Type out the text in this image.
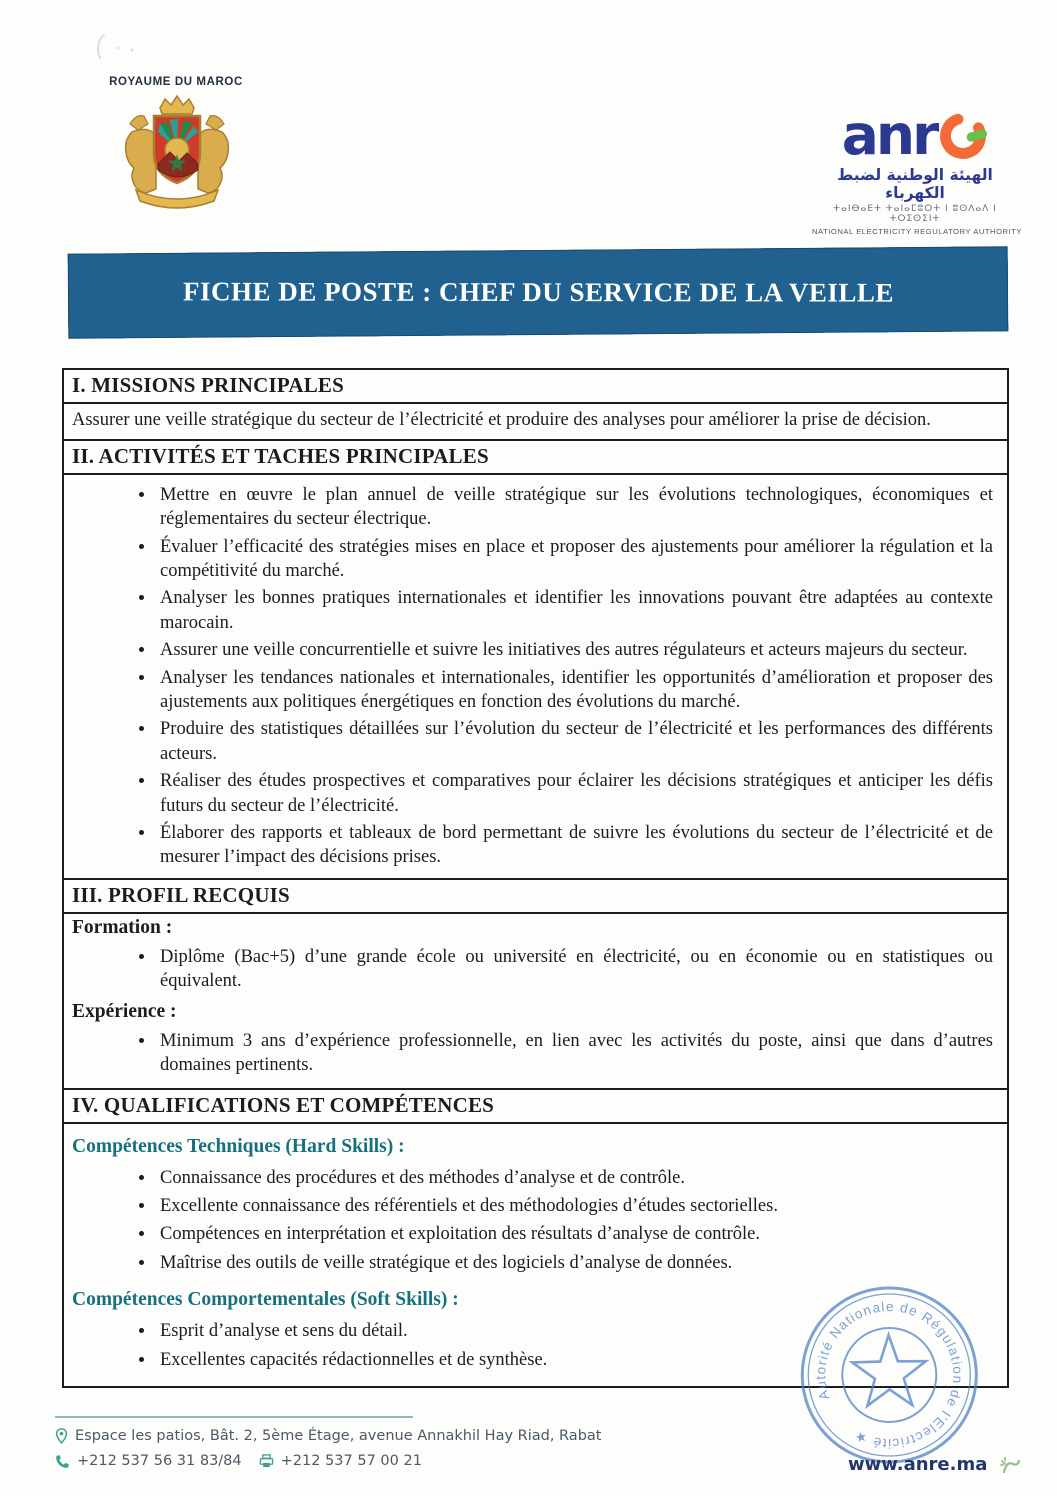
ROYAUME DU MAROC
anr
الهيئة الوطنية لضبط الكهرباء
ⵜⴰⵏⴱⴰⴹⵜ ⵜⴰⵏⴰⵎⵓⵔⵜ ⵏ ⵓⵙⴷⴰⴷ ⵏ ⵜⵔⵉⵙⵉⵏⵜ
NATIONAL ELECTRICITY REGULATORY AUTHORITY
FICHE DE POSTE : CHEF DU SERVICE DE LA VEILLE
I. MISSIONS PRINCIPALES
Assurer une veille stratégique du secteur de l’électricité et produire des analyses pour améliorer la prise de décision.
II. ACTIVITÉS ET TACHES PRINCIPALES
• Mettre en œuvre le plan annuel de veille stratégique sur les évolutions technologiques, économiques et réglementaires du secteur électrique.
• Évaluer l’efficacité des stratégies mises en place et proposer des ajustements pour améliorer la régulation et la compétitivité du marché.
• Analyser les bonnes pratiques internationales et identifier les innovations pouvant être adaptées au contexte marocain.
• Assurer une veille concurrentielle et suivre les initiatives des autres régulateurs et acteurs majeurs du secteur.
• Analyser les tendances nationales et internationales, identifier les opportunités d’amélioration et proposer des ajustements aux politiques énergétiques en fonction des évolutions du marché.
• Produire des statistiques détaillées sur l’évolution du secteur de l’électricité et les performances des différents acteurs.
• Réaliser des études prospectives et comparatives pour éclairer les décisions stratégiques et anticiper les défis futurs du secteur de l’électricité.
• Élaborer des rapports et tableaux de bord permettant de suivre les évolutions du secteur de l’électricité et de mesurer l’impact des décisions prises.
III. PROFIL RECQUIS
Formation :
• Diplôme (Bac+5) d’une grande école ou université en électricité, ou en économie ou en statistiques ou équivalent.
Expérience :
• Minimum 3 ans d’expérience professionnelle, en lien avec les activités du poste, ainsi que dans d’autres domaines pertinents.
IV. QUALIFICATIONS ET COMPÉTENCES
Compétences Techniques (Hard Skills) :
• Connaissance des procédures et des méthodes d’analyse et de contrôle.
• Excellente connaissance des référentiels et des méthodologies d’études sectorielles.
• Compétences en interprétation et exploitation des résultats d’analyse de contrôle.
• Maîtrise des outils de veille stratégique et des logiciels d’analyse de données.
Compétences Comportementales (Soft Skills) :
• Esprit d’analyse et sens du détail.
• Excellentes capacités rédactionnelles et de synthèse.
Autorité Nationale de Régulation de l’Electricité ★
Espace les patios, Bât. 2, 5ème Étage, avenue Annakhil Hay Riad, Rabat
+212 537 56 31 83/84	+212 537 57 00 21	www.anre.ma
